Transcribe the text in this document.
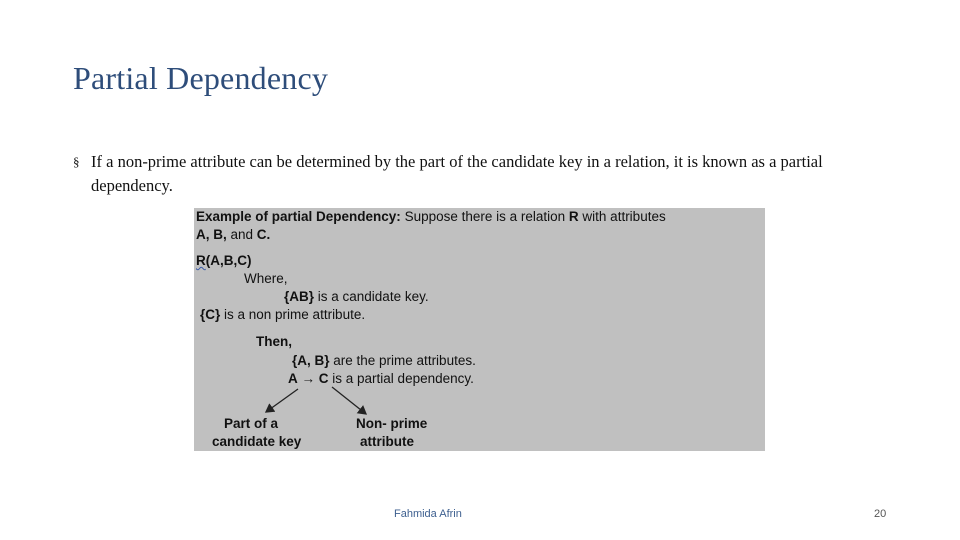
Partial Dependency
§ If a non-prime attribute can be determined by the part of the candidate key in a relation, it is known as a partial dependency.
Example of partial Dependency: Suppose there is a relation R with attributes
A, B, and C.
R(A,B,C)
Where,
{AB} is a candidate key.
{C} is a non prime attribute.
Then,
{A, B} are the prime attributes.
A → C is a partial dependency.
Part of a
candidate key
Non- prime
attribute
Fahmida Afrin	20
